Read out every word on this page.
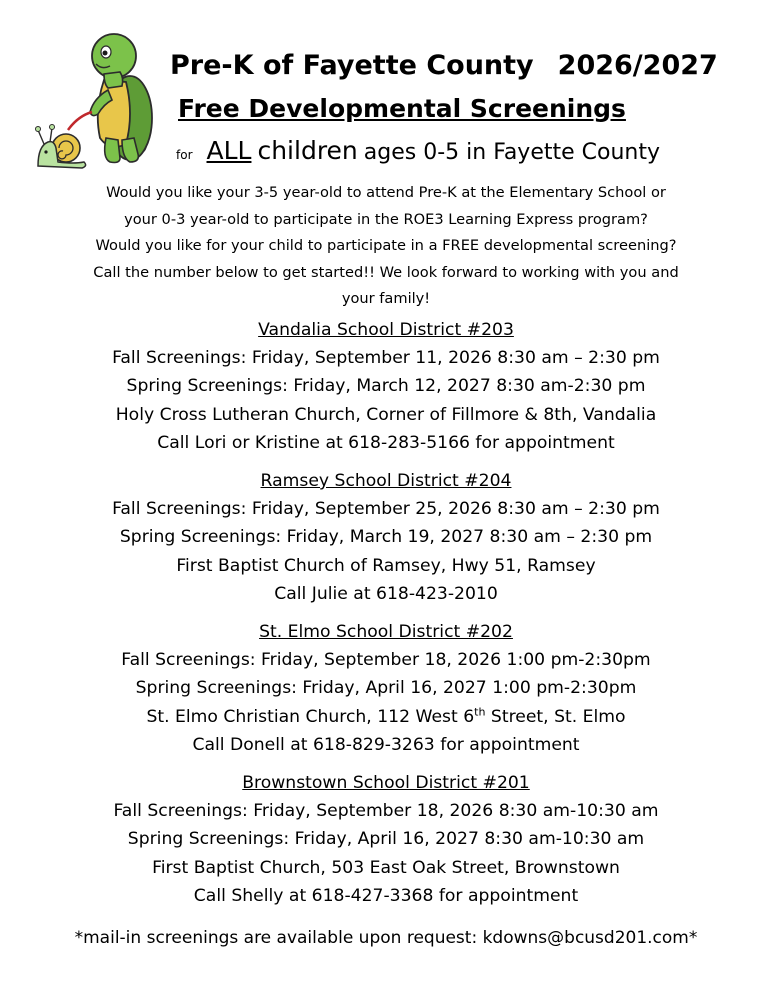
Pre-K of Fayette County 2026/2027
Free Developmental Screenings
for ALL children ages 0-5 in Fayette County
Would you like your 3-5 year-old to attend Pre-K at the Elementary School or
your 0-3 year-old to participate in the ROE3 Learning Express program?
Would you like for your child to participate in a FREE developmental screening?
Call the number below to get started!! We look forward to working with you and
your family!
Vandalia School District #203
Fall Screenings: Friday, September 11, 2026 8:30 am – 2:30 pm
Spring Screenings: Friday, March 12, 2027 8:30 am-2:30 pm
Holy Cross Lutheran Church, Corner of Fillmore & 8th, Vandalia
Call Lori or Kristine at 618-283-5166 for appointment
Ramsey School District #204
Fall Screenings: Friday, September 25, 2026 8:30 am – 2:30 pm
Spring Screenings: Friday, March 19, 2027 8:30 am – 2:30 pm
First Baptist Church of Ramsey, Hwy 51, Ramsey
Call Julie at 618-423-2010
St. Elmo School District #202
Fall Screenings: Friday, September 18, 2026 1:00 pm-2:30pm
Spring Screenings: Friday, April 16, 2027 1:00 pm-2:30pm
St. Elmo Christian Church, 112 West 6th Street, St. Elmo
Call Donell at 618-829-3263 for appointment
Brownstown School District #201
Fall Screenings: Friday, September 18, 2026 8:30 am-10:30 am
Spring Screenings: Friday, April 16, 2027 8:30 am-10:30 am
First Baptist Church, 503 East Oak Street, Brownstown
Call Shelly at 618-427-3368 for appointment
*mail-in screenings are available upon request: kdowns@bcusd201.com*
